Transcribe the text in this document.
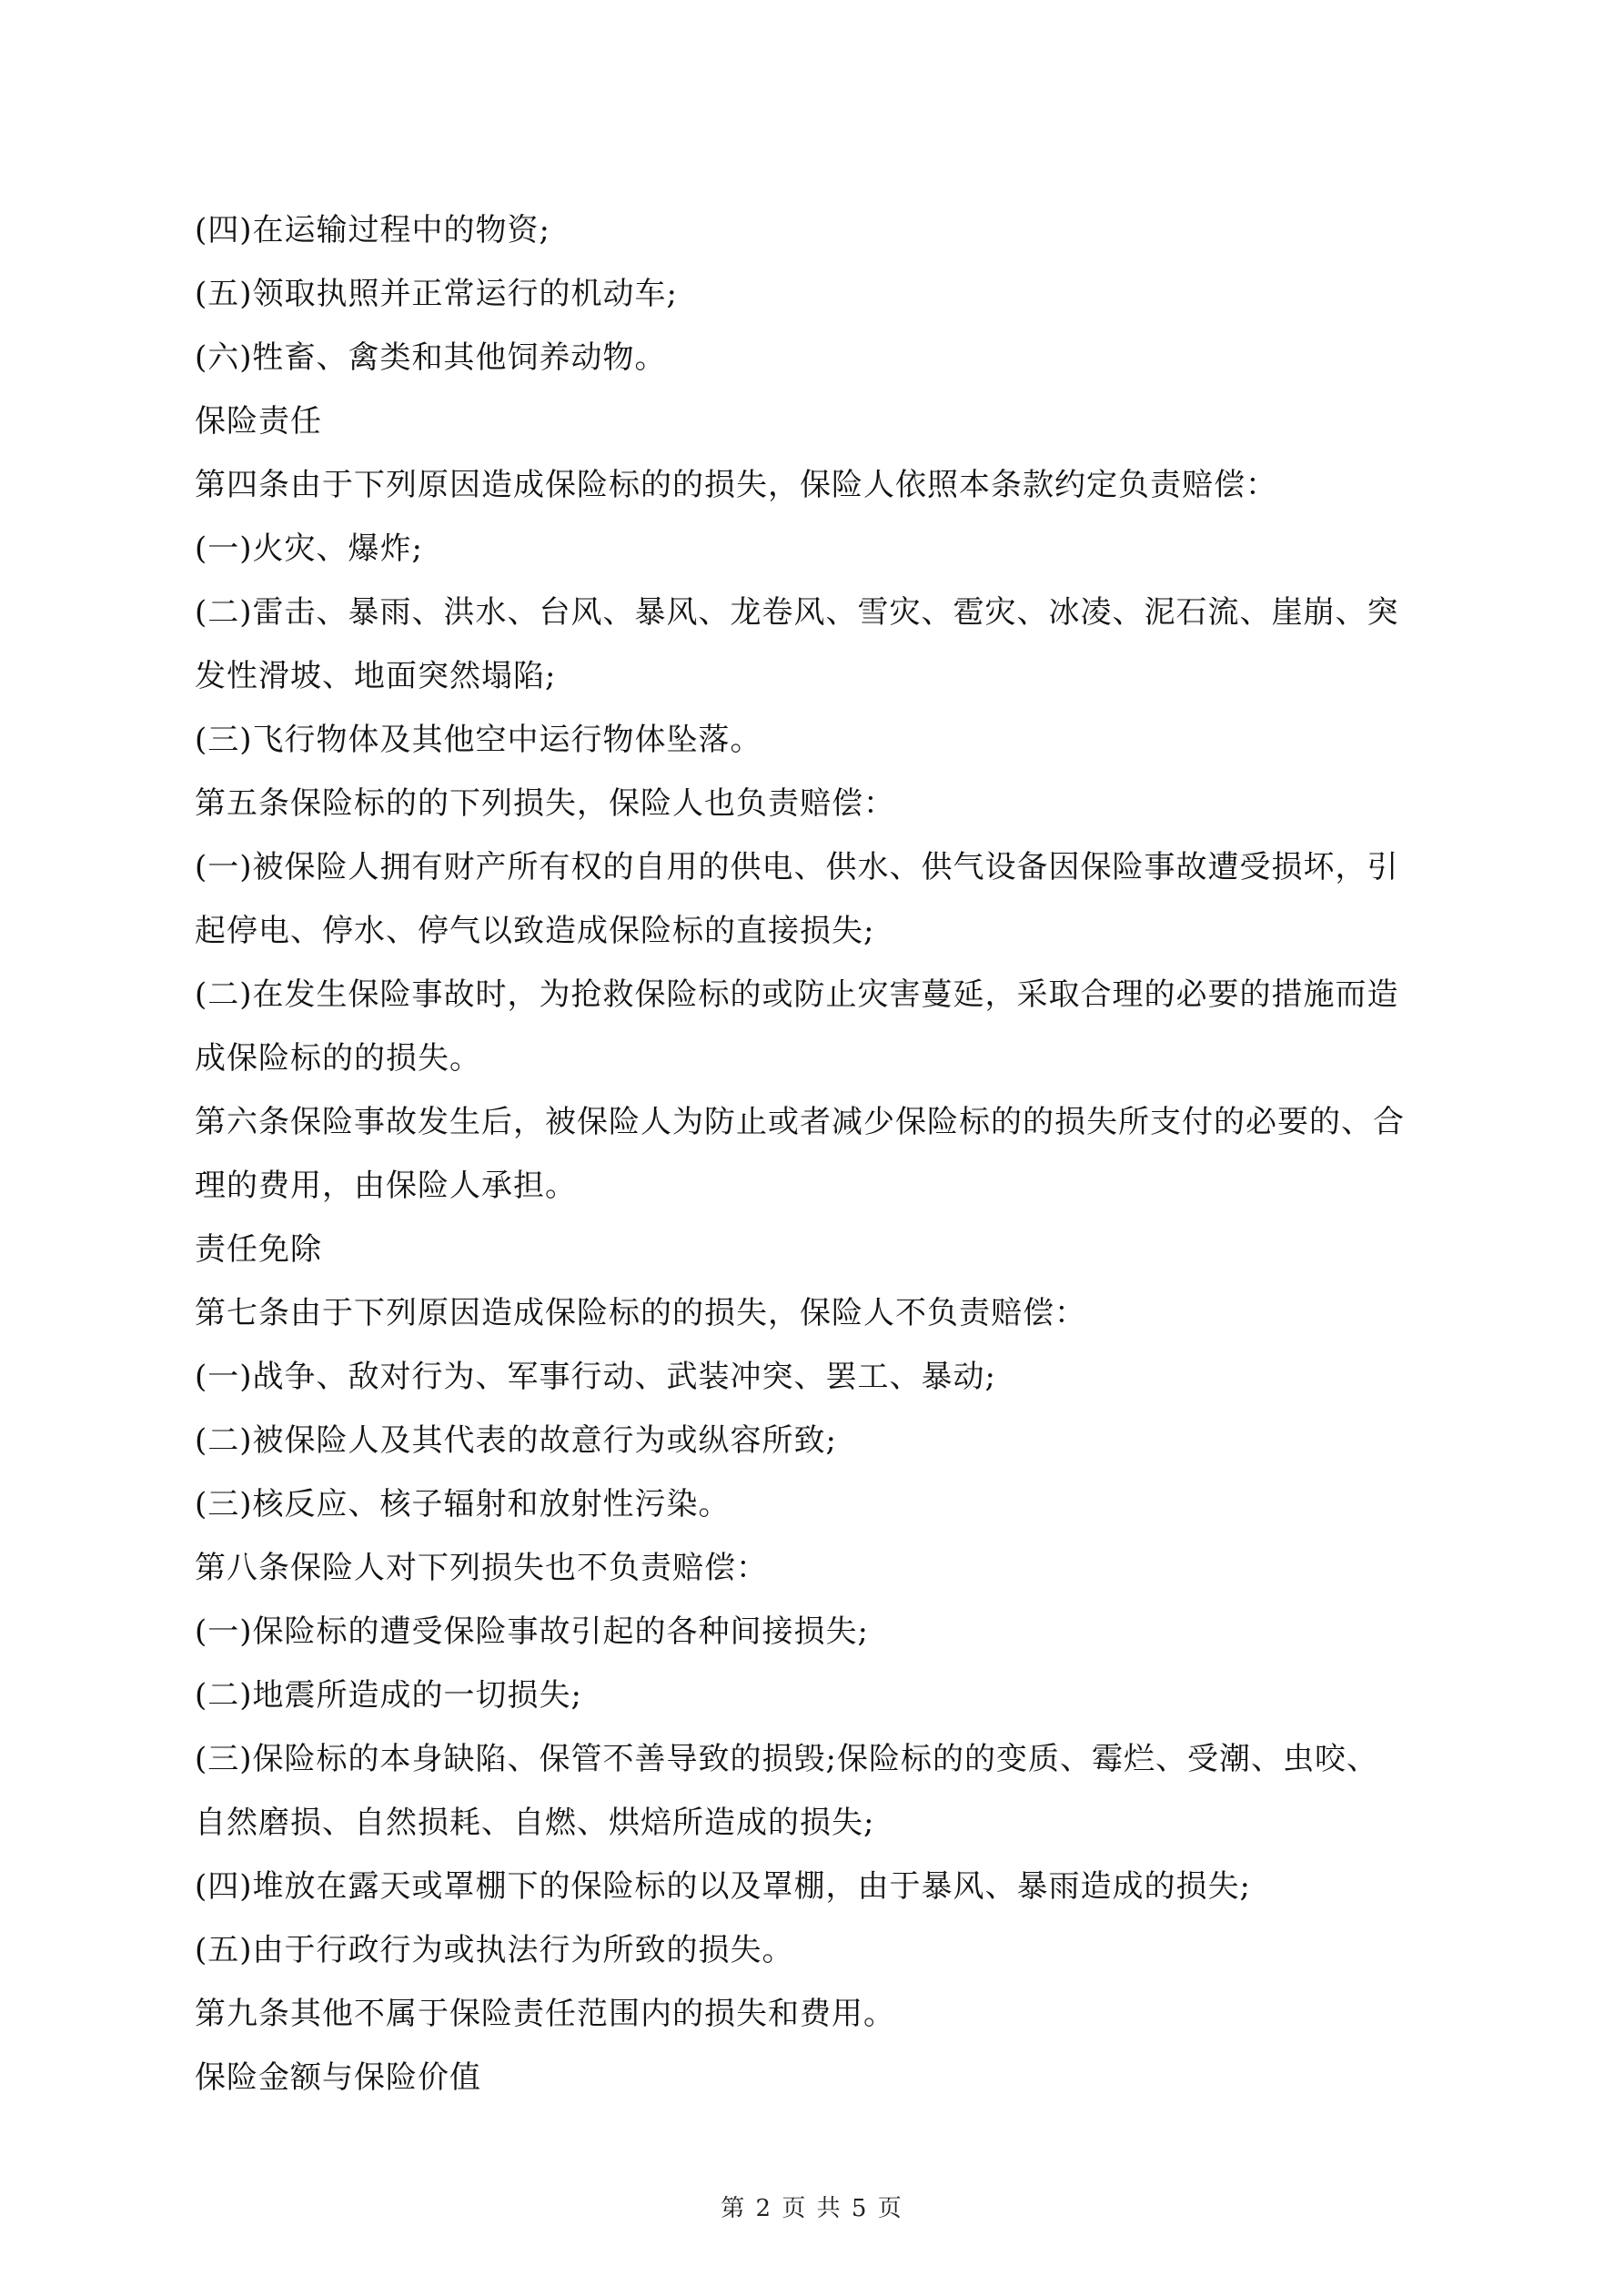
(四)在运输过程中的物资;
(五)领取执照并正常运行的机动车;
(六)牲畜、禽类和其他饲养动物。
保险责任
第四条由于下列原因造成保险标的的损失，保险人依照本条款约定负责赔偿：
(一)火灾、爆炸;
(二)雷击、暴雨、洪水、台风、暴风、龙卷风、雪灾、雹灾、冰凌、泥石流、崖崩、突
发性滑坡、地面突然塌陷;
(三)飞行物体及其他空中运行物体坠落。
第五条保险标的的下列损失，保险人也负责赔偿：
(一)被保险人拥有财产所有权的自用的供电、供水、供气设备因保险事故遭受损坏，引
起停电、停水、停气以致造成保险标的直接损失;
(二)在发生保险事故时，为抢救保险标的或防止灾害蔓延，采取合理的必要的措施而造
成保险标的的损失。
第六条保险事故发生后，被保险人为防止或者减少保险标的的损失所支付的必要的、合
理的费用，由保险人承担。
责任免除
第七条由于下列原因造成保险标的的损失，保险人不负责赔偿：
(一)战争、敌对行为、军事行动、武装冲突、罢工、暴动;
(二)被保险人及其代表的故意行为或纵容所致;
(三)核反应、核子辐射和放射性污染。
第八条保险人对下列损失也不负责赔偿：
(一)保险标的遭受保险事故引起的各种间接损失;
(二)地震所造成的一切损失;
(三)保险标的本身缺陷、保管不善导致的损毁;保险标的的变质、霉烂、受潮、虫咬、
自然磨损、自然损耗、自燃、烘焙所造成的损失;
(四)堆放在露天或罩棚下的保险标的以及罩棚，由于暴风、暴雨造成的损失;
(五)由于行政行为或执法行为所致的损失。
第九条其他不属于保险责任范围内的损失和费用。
保险金额与保险价值
第 2 页 共 5 页
